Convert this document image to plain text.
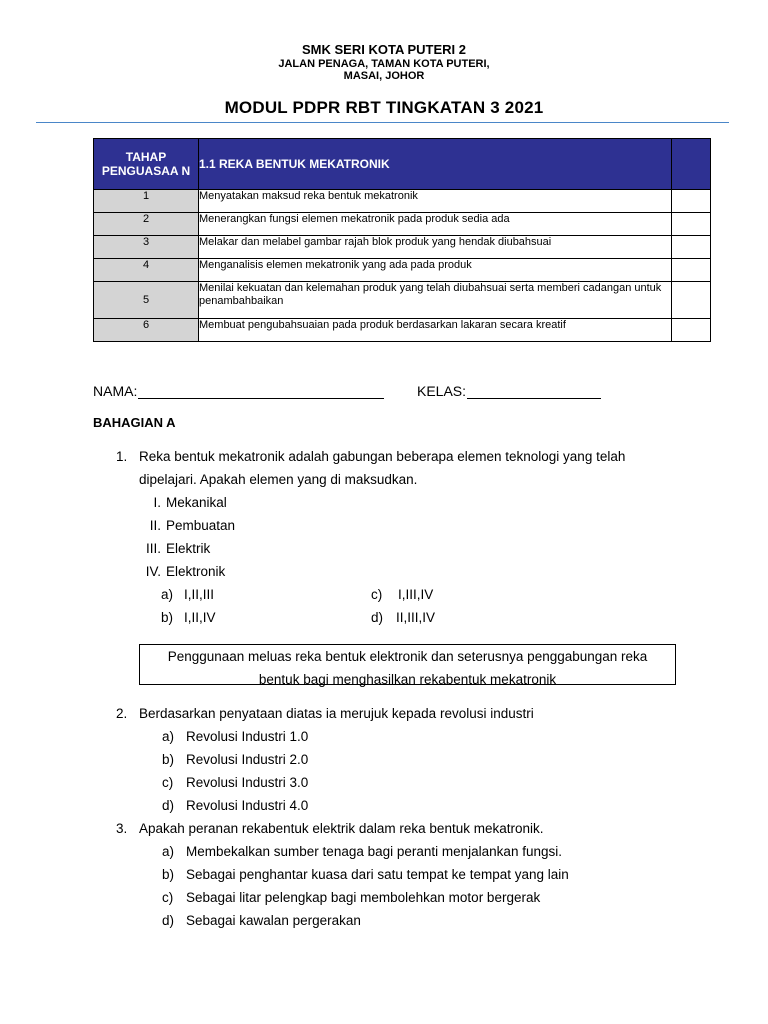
SMK SERI KOTA PUTERI 2
JALAN PENAGA, TAMAN KOTA PUTERI,
MASAI, JOHOR
MODUL PDPR RBT TINGKATAN 3 2021
TAHAP PENGUASAA N	1.1 REKA BENTUK MEKATRONIK	
1	Menyatakan maksud reka bentuk mekatronik	
2	Menerangkan fungsi elemen mekatronik pada produk sedia ada	
3	Melakar dan melabel gambar rajah blok produk yang hendak diubahsuai	
4	Menganalisis elemen mekatronik yang ada pada produk	
5	Menilai kekuatan dan kelemahan produk yang telah diubahsuai serta memberi cadangan untuk penambahbaikan	
6	Membuat pengubahsuaian pada produk berdasarkan lakaran secara kreatif	
NAMA:	KELAS:
BAHAGIAN A
1. Reka bentuk mekatronik adalah gabungan beberapa elemen teknologi yang telah
dipelajari. Apakah elemen yang di maksudkan.
I. Mekanikal
II. Pembuatan
III. Elektrik
IV. Elektronik
a) I,II,III
b) I,II,IV
c) I,III,IV
d) II,III,IV
Penggunaan meluas reka bentuk elektronik dan seterusnya penggabungan reka
bentuk bagi menghasilkan rekabentuk mekatronik
2. Berdasarkan penyataan diatas ia merujuk kepada revolusi industri
a) Revolusi Industri 1.0
b) Revolusi Industri 2.0
c) Revolusi Industri 3.0
d) Revolusi Industri 4.0
3. Apakah peranan rekabentuk elektrik dalam reka bentuk mekatronik.
a) Membekalkan sumber tenaga bagi peranti menjalankan fungsi.
b) Sebagai penghantar kuasa dari satu tempat ke tempat yang lain
c) Sebagai litar pelengkap bagi membolehkan motor bergerak
d) Sebagai kawalan pergerakan
